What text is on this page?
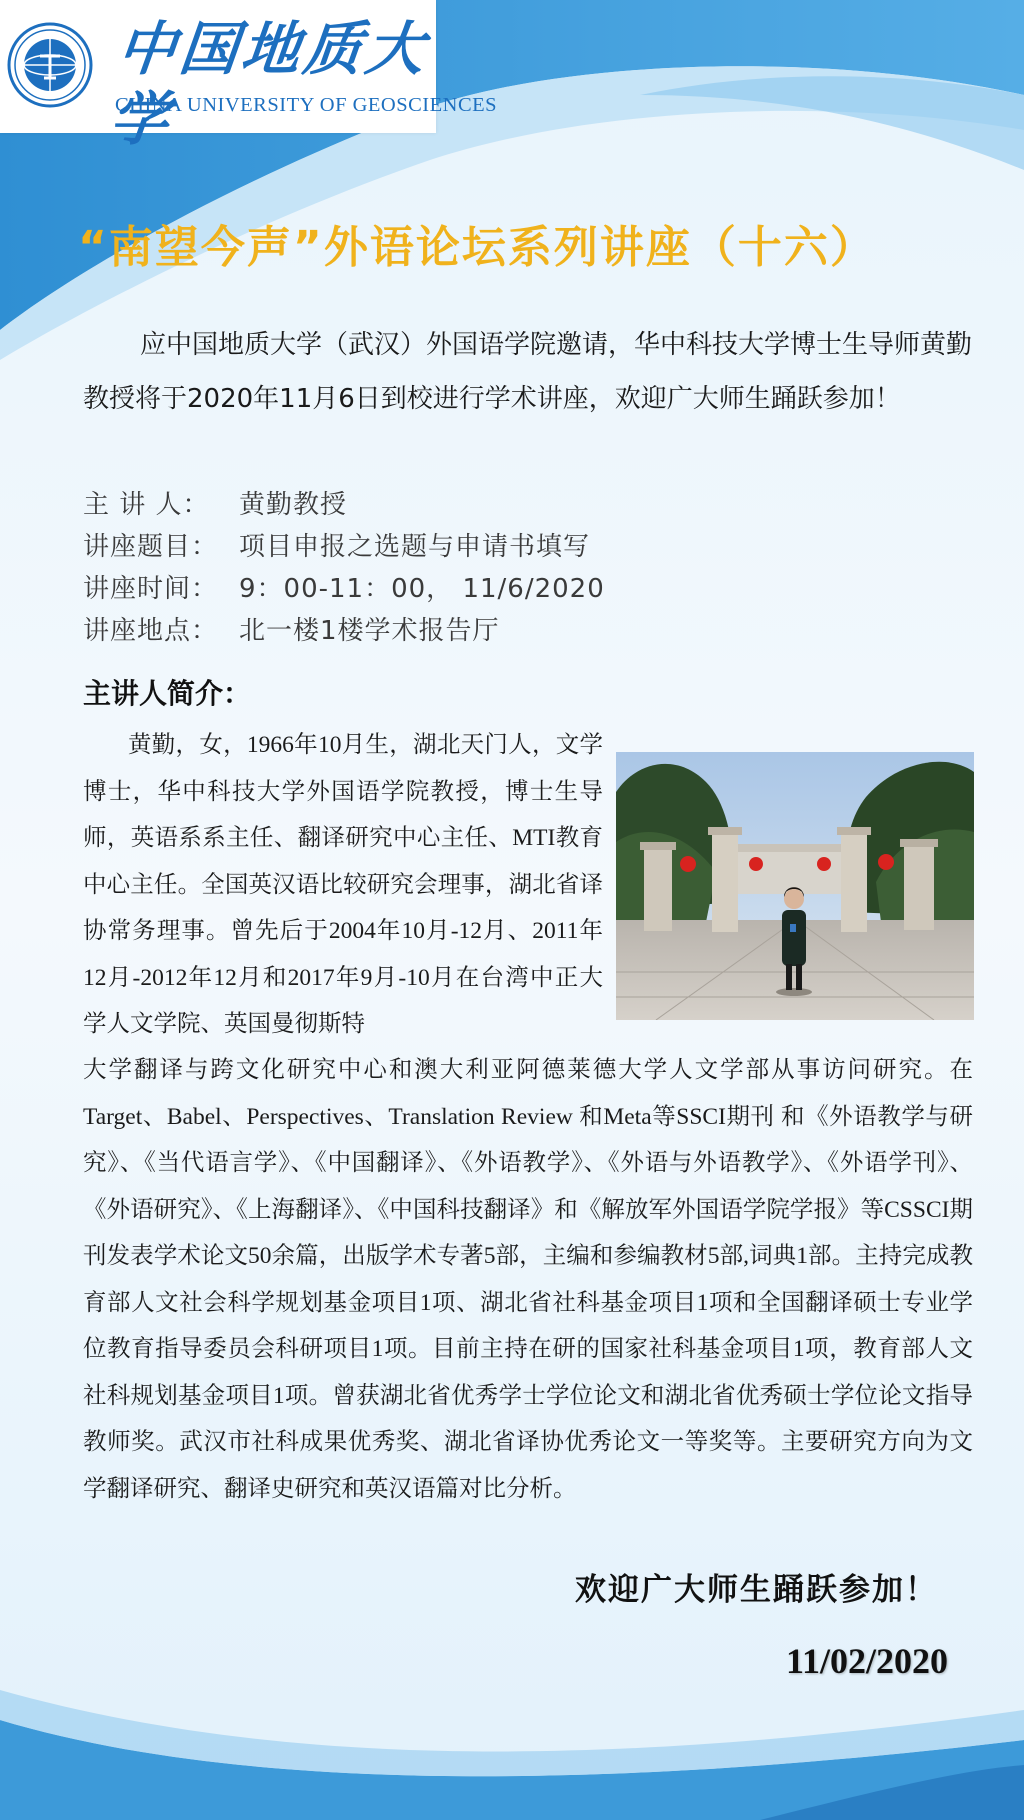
中国地质大学
CHINA UNIVERSITY OF GEOSCIENCES
“南望今声”外语论坛系列讲座（十六）
应中国地质大学（武汉）外国语学院邀请，华中科技大学博士生导师黄勤教授将于2020年11月6日到校进行学术讲座，欢迎广大师生踊跃参加！
主 讲 人： 黄勤教授
讲座题目： 项目申报之选题与申请书填写
讲座时间： 9：00-11：00， 11/6/2020
讲座地点： 北一楼1楼学术报告厅
主讲人简介：
黄勤，女，1966年10月生，湖北天门人，文学博士，华中科技大学外国语学院教授，博士生导师，英语系系主任、翻译研究中心主任、MTI教育中心主任。全国英汉语比较研究会理事，湖北省译协常务理事。曾先后于2004年10月-12月、2011年12月-2012年12月和2017年9月-10月在台湾中正大学人文学院、英国曼彻斯特
大学翻译与跨文化研究中心和澳大利亚阿德莱德大学人文学部从事访问研究。在Target、Babel、Perspectives、Translation Review 和Meta等SSCI期刊 和《外语教学与研究》、《当代语言学》、《中国翻译》、《外语教学》、《外语与外语教学》、《外语学刊》、《外语研究》、《上海翻译》、《中国科技翻译》和《解放军外国语学院学报》等CSSCI期刊发表学术论文50余篇，出版学术专著5部，主编和参编教材5部,词典1部。主持完成教育部人文社会科学规划基金项目1项、湖北省社科基金项目1项和全国翻译硕士专业学位教育指导委员会科研项目1项。目前主持在研的国家社科基金项目1项，教育部人文社科规划基金项目1项。曾获湖北省优秀学士学位论文和湖北省优秀硕士学位论文指导教师奖。武汉市社科成果优秀奖、湖北省译协优秀论文一等奖等。主要研究方向为文学翻译研究、翻译史研究和英汉语篇对比分析。
欢迎广大师生踊跃参加！
11/02/2020
